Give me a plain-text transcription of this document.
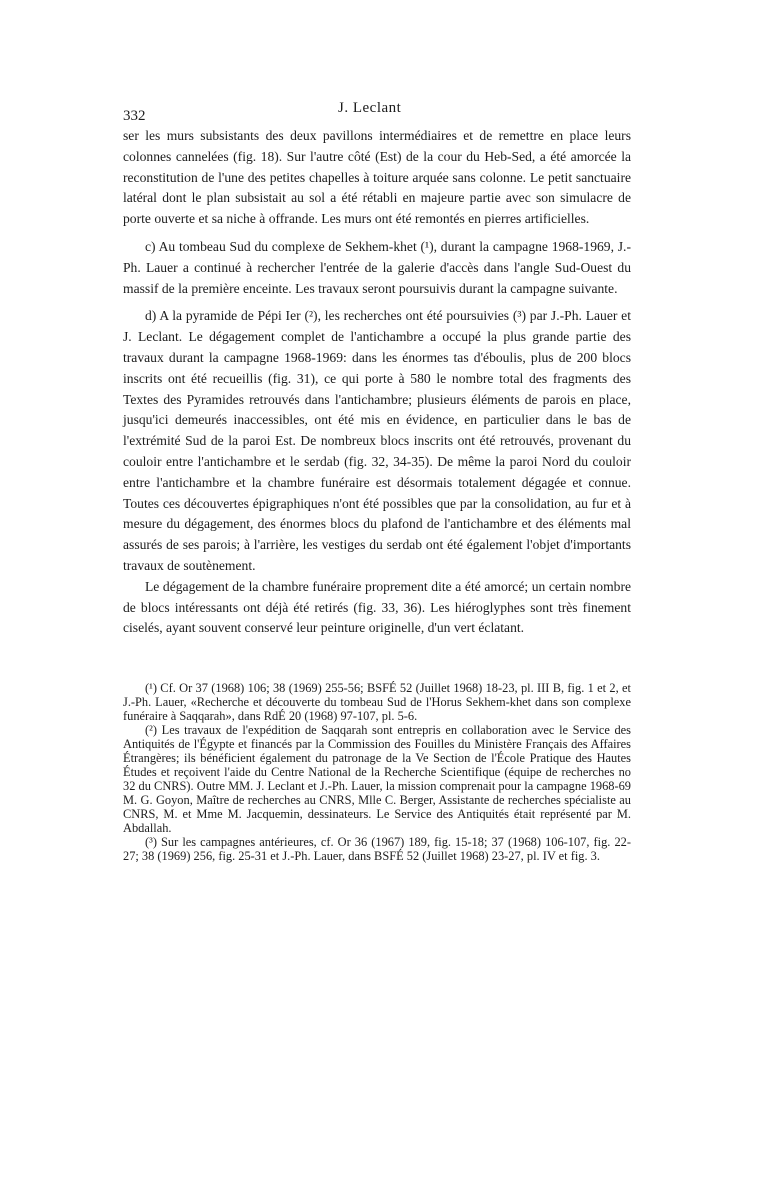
332	J. Leclant

ser les murs subsistants des deux pavillons intermédiaires et de remettre en place leurs colonnes cannelées (fig. 18). Sur l'autre côté (Est) de la cour du Heb-Sed, a été amorcée la reconstitution de l'une des petites chapelles à toiture arquée sans colonne. Le petit sanctuaire latéral dont le plan subsistait au sol a été rétabli en majeure partie avec son simulacre de porte ouverte et sa niche à offrande. Les murs ont été remontés en pierres artificielles.

c) Au tombeau Sud du complexe de Sekhem-khet (¹), durant la campagne 1968-1969, J.-Ph. Lauer a continué à rechercher l'entrée de la galerie d'accès dans l'angle Sud-Ouest du massif de la première enceinte. Les travaux seront poursuivis durant la campagne suivante.

d) A la pyramide de Pépi Ier (²), les recherches ont été poursuivies (³) par J.-Ph. Lauer et J. Leclant. Le dégagement complet de l'antichambre a occupé la plus grande partie des travaux durant la campagne 1968-1969: dans les énormes tas d'éboulis, plus de 200 blocs inscrits ont été recueillis (fig. 31), ce qui porte à 580 le nombre total des fragments des Textes des Pyramides retrouvés dans l'antichambre; plusieurs éléments de parois en place, jusqu'ici demeurés inaccessibles, ont été mis en évidence, en particulier dans le bas de l'extrémité Sud de la paroi Est. De nombreux blocs inscrits ont été retrouvés, provenant du couloir entre l'antichambre et le serdab (fig. 32, 34-35). De même la paroi Nord du couloir entre l'antichambre et la chambre funéraire est désormais totalement dégagée et connue. Toutes ces découvertes épigraphiques n'ont été possibles que par la consolidation, au fur et à mesure du dégagement, des énormes blocs du plafond de l'antichambre et des éléments mal assurés de ses parois; à l'arrière, les vestiges du serdab ont été également l'objet d'importants travaux de soutènement.

Le dégagement de la chambre funéraire proprement dite a été amorcé; un certain nombre de blocs intéressants ont déjà été retirés (fig. 33, 36). Les hiéroglyphes sont très finement ciselés, ayant souvent conservé leur peinture originelle, d'un vert éclatant.

(¹) Cf. Or 37 (1968) 106; 38 (1969) 255-56; BSFÉ 52 (Juillet 1968) 18-23, pl. III B, fig. 1 et 2, et J.-Ph. Lauer, «Recherche et découverte du tombeau Sud de l'Horus Sekhem-khet dans son complexe funéraire à Saqqarah», dans RdÉ 20 (1968) 97-107, pl. 5-6.

(²) Les travaux de l'expédition de Saqqarah sont entrepris en collaboration avec le Service des Antiquités de l'Égypte et financés par la Commission des Fouilles du Ministère Français des Affaires Étrangères; ils bénéficient également du patronage de la Ve Section de l'École Pratique des Hautes Études et reçoivent l'aide du Centre National de la Recherche Scientifique (équipe de recherches no 32 du CNRS). Outre MM. J. Leclant et J.-Ph. Lauer, la mission comprenait pour la campagne 1968-69 M. G. Goyon, Maître de recherches au CNRS, Mlle C. Berger, Assistante de recherches spécialiste au CNRS, M. et Mme M. Jacquemin, dessinateurs. Le Service des Antiquités était représenté par M. Abdallah.

(³) Sur les campagnes antérieures, cf. Or 36 (1967) 189, fig. 15-18; 37 (1968) 106-107, fig. 22-27; 38 (1969) 256, fig. 25-31 et J.-Ph. Lauer, dans BSFÉ 52 (Juillet 1968) 23-27, pl. IV et fig. 3.
